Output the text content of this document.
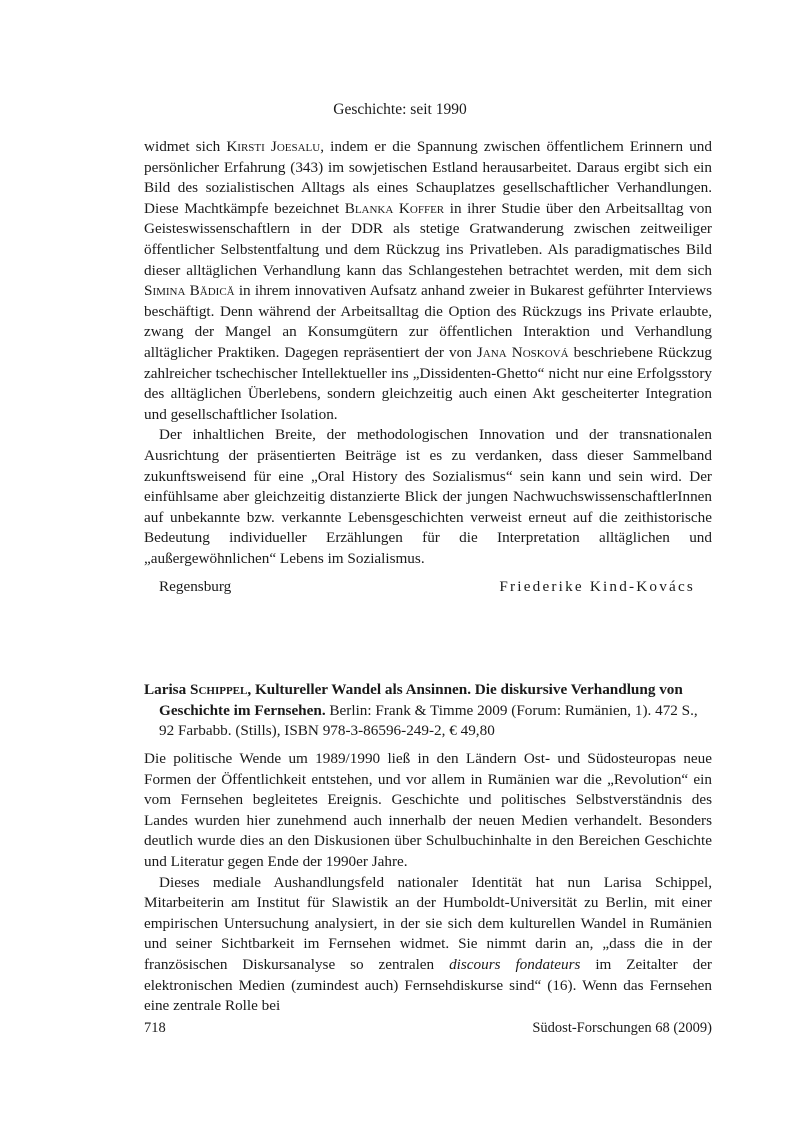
Geschichte: seit 1990

widmet sich Kirsti Joesalu, indem er die Spannung zwischen öffentlichem Erinnern und persönlicher Erfahrung (343) im sowjetischen Estland herausarbeitet. Daraus ergibt sich ein Bild des sozialistischen Alltags als eines Schauplatzes gesellschaftlicher Verhandlungen. Diese Machtkämpfe bezeichnet Blanka Koffer in ihrer Studie über den Arbeitsalltag von Geisteswissenschaftlern in der DDR als stetige Gratwanderung zwischen zeitweiliger öffentlicher Selbstentfaltung und dem Rückzug ins Privatleben. Als paradigmatisches Bild dieser alltäglichen Verhandlung kann das Schlangestehen betrachtet werden, mit dem sich Simina Bădică in ihrem innovativen Aufsatz anhand zweier in Bukarest geführter Interviews beschäftigt. Denn während der Arbeitsalltag die Option des Rückzugs ins Private erlaubte, zwang der Mangel an Konsumgütern zur öffentlichen Interaktion und Verhandlung alltäglicher Praktiken. Dagegen repräsentiert der von Jana Nosková beschriebene Rückzug zahlreicher tschechischer Intellektueller ins „Dissidenten-Ghetto“ nicht nur eine Erfolgsstory des alltäglichen Überlebens, sondern gleichzeitig auch einen Akt gescheiterter Integration und gesellschaftlicher Isolation.

Der inhaltlichen Breite, der methodologischen Innovation und der transnationalen Ausrichtung der präsentierten Beiträge ist es zu verdanken, dass dieser Sammelband zukunftsweisend für eine „Oral History des Sozialismus“ sein kann und sein wird. Der einfühlsame aber gleichzeitig distanzierte Blick der jungen NachwuchswissenschaftlerInnen auf unbekannte bzw. verkannte Lebensgeschichten verweist erneut auf die zeithistorische Bedeutung individueller Erzählungen für die Interpretation alltäglichen und „außergewöhnlichen“ Lebens im Sozialismus.

Regensburg	Friederike Kind-Kovács
Larisa Schippel, Kultureller Wandel als Ansinnen. Die diskursive Verhandlung von Geschichte im Fernsehen. Berlin: Frank & Timme 2009 (Forum: Rumänien, 1). 472 S., 92 Farbabb. (Stills), ISBN 978-3-86596-249-2, € 49,80

Die politische Wende um 1989/1990 ließ in den Ländern Ost- und Südosteuropas neue Formen der Öffentlichkeit entstehen, und vor allem in Rumänien war die „Revolution“ ein vom Fernsehen begleitetes Ereignis. Geschichte und politisches Selbstverständnis des Landes wurden hier zunehmend auch innerhalb der neuen Medien verhandelt. Besonders deutlich wurde dies an den Diskusionen über Schulbuchinhalte in den Bereichen Geschichte und Literatur gegen Ende der 1990er Jahre.

Dieses mediale Aushandlungsfeld nationaler Identität hat nun Larisa Schippel, Mitarbeiterin am Institut für Slawistik an der Humboldt-Universität zu Berlin, mit einer empirischen Untersuchung analysiert, in der sie sich dem kulturellen Wandel in Rumänien und seiner Sichtbarkeit im Fernsehen widmet. Sie nimmt darin an, „dass die in der französischen Diskursanalyse so zentralen discours fondateurs im Zeitalter der elektronischen Medien (zumindest auch) Fernsehdiskurse sind“ (16). Wenn das Fernsehen eine zentrale Rolle bei

718	Südost-Forschungen 68 (2009)
